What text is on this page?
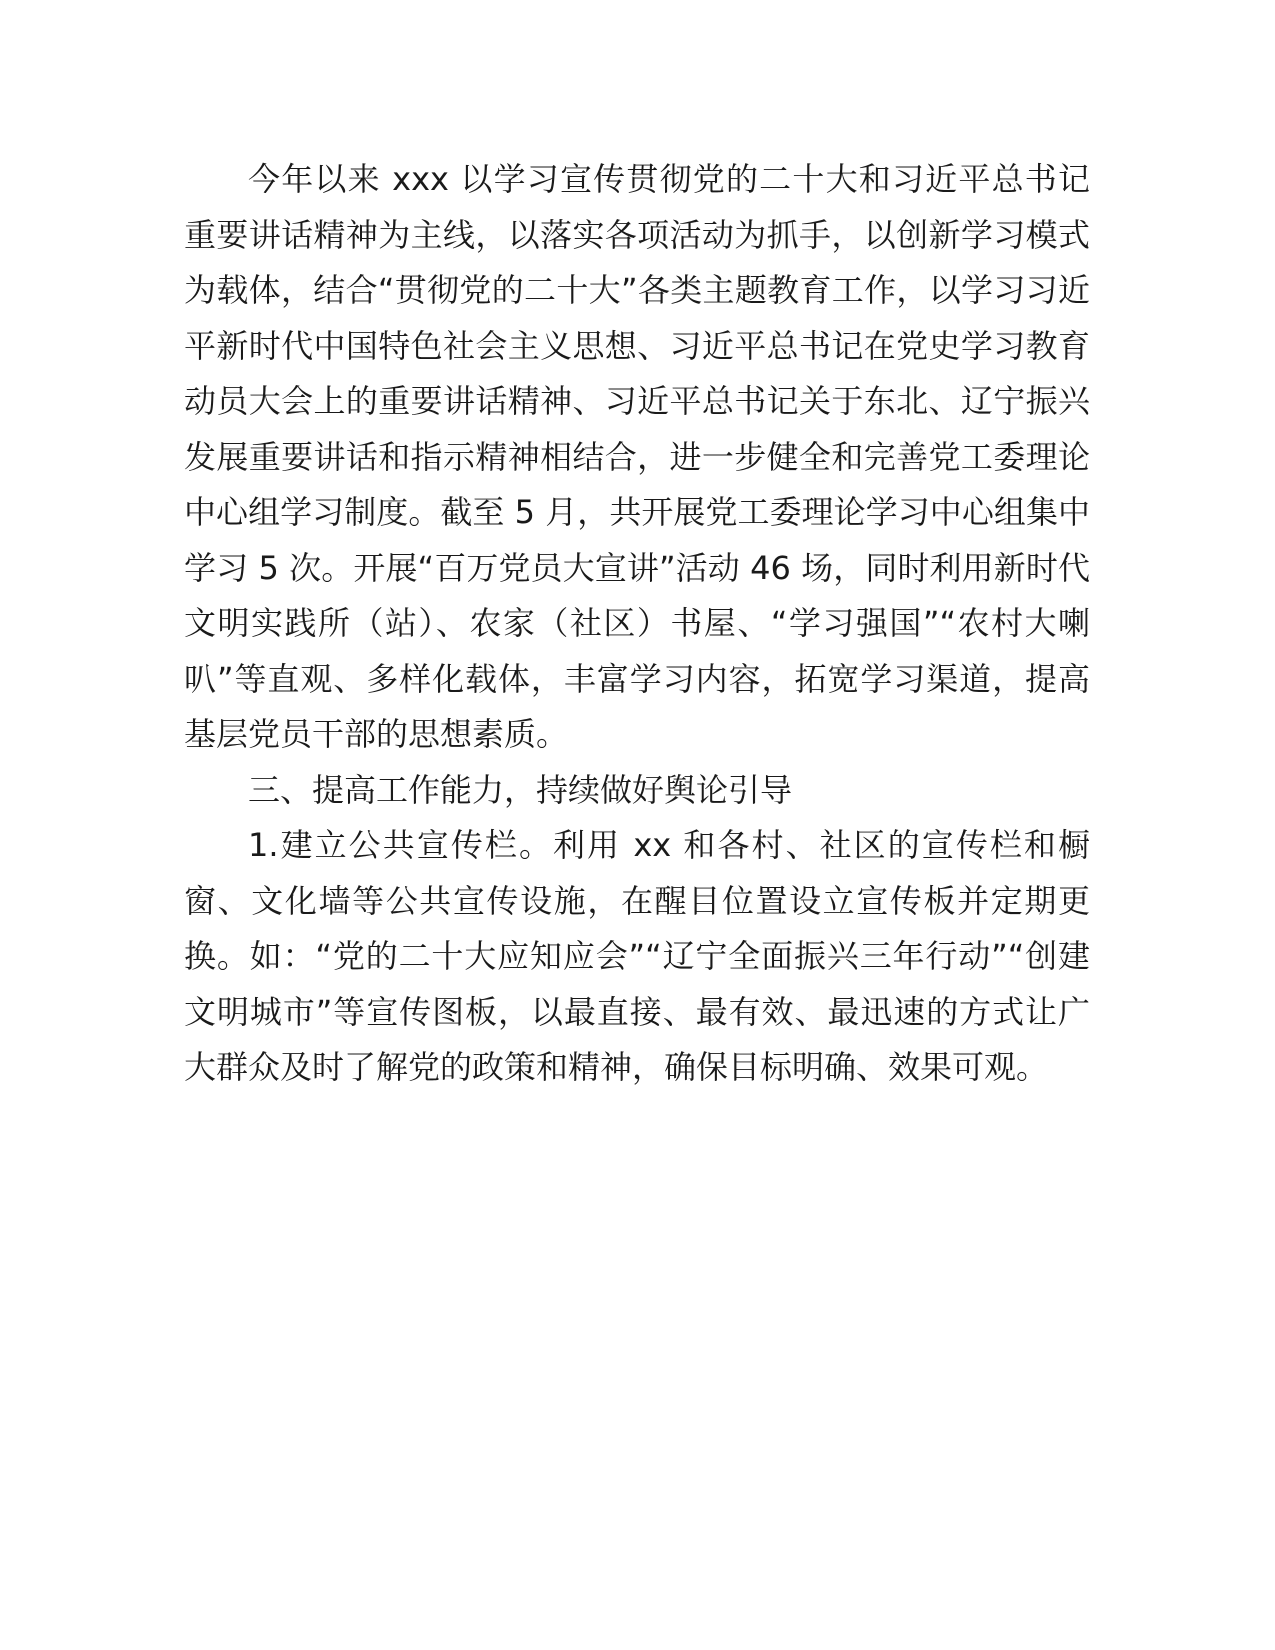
今年以来 xxx 以学习宣传贯彻党的二十大和习近平总书记重要讲话精神为主线，以落实各项活动为抓手，以创新学习模式为载体，结合“贯彻党的二十大”各类主题教育工作，以学习习近平新时代中国特色社会主义思想、习近平总书记在党史学习教育动员大会上的重要讲话精神、习近平总书记关于东北、辽宁振兴发展重要讲话和指示精神相结合，进一步健全和完善党工委理论中心组学习制度。截至 5 月，共开展党工委理论学习中心组集中学习 5 次。开展“百万党员大宣讲”活动 46 场，同时利用新时代文明实践所（站）、农家（社区）书屋、“学习强国”“农村大喇叭”等直观、多样化载体，丰富学习内容，拓宽学习渠道，提高基层党员干部的思想素质。

三、提高工作能力，持续做好舆论引导

1.建立公共宣传栏。利用 xx 和各村、社区的宣传栏和橱窗、文化墙等公共宣传设施，在醒目位置设立宣传板并定期更换。如：“党的二十大应知应会”“辽宁全面振兴三年行动”“创建文明城市”等宣传图板，以最直接、最有效、最迅速的方式让广大群众及时了解党的政策和精神，确保目标明确、效果可观。
